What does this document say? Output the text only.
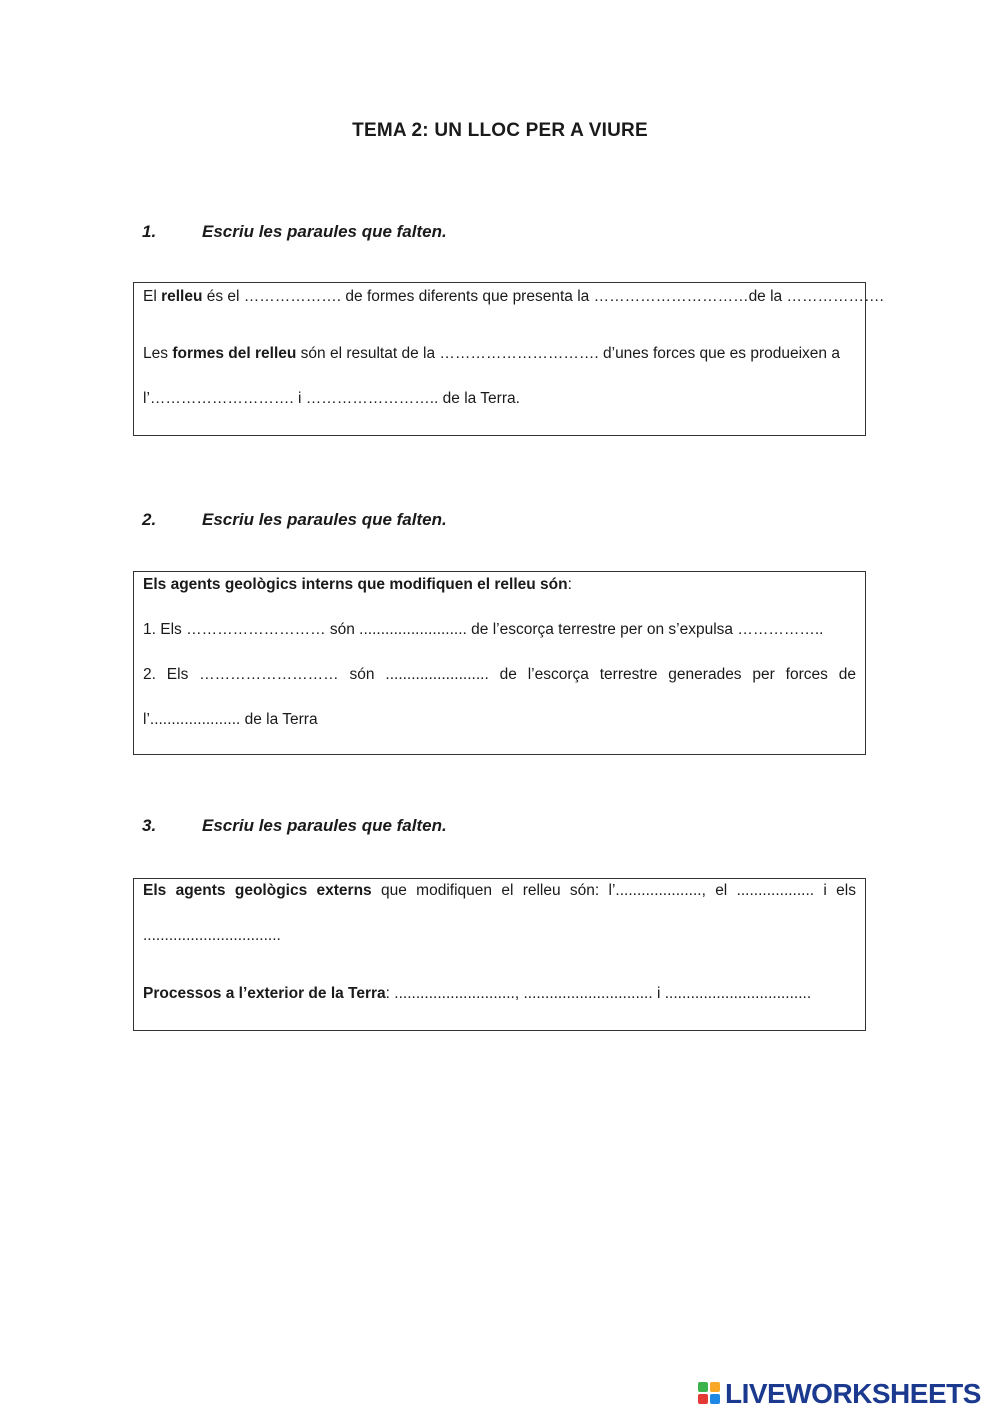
TEMA 2: UN LLOC PER A VIURE
1.	Escriu les paraules que falten.
El relleu és el ………………. de formes diferents que presenta la …………………………de la ……………….
Les formes del relleu són el resultat de la …………………………. d’unes forces que es produeixen a
l’………………………. i …………………….. de la Terra.
2.	Escriu les paraules que falten.
Els agents geològics interns que modifiquen el relleu són:
1. Els ……………………… són ......................... de l’escorça terrestre per on s’expulsa ……………..
2. Els ……………………… són ........................ de l’escorça terrestre generades per forces de
l’..................... de la Terra
3.	Escriu les paraules que falten.
Els agents geològics externs que modifiquen el relleu són: l’...................., el .................. i els
................................
Processos a l’exterior de la Terra: ............................, .............................. i ..................................
LIVEWORKSHEETS
